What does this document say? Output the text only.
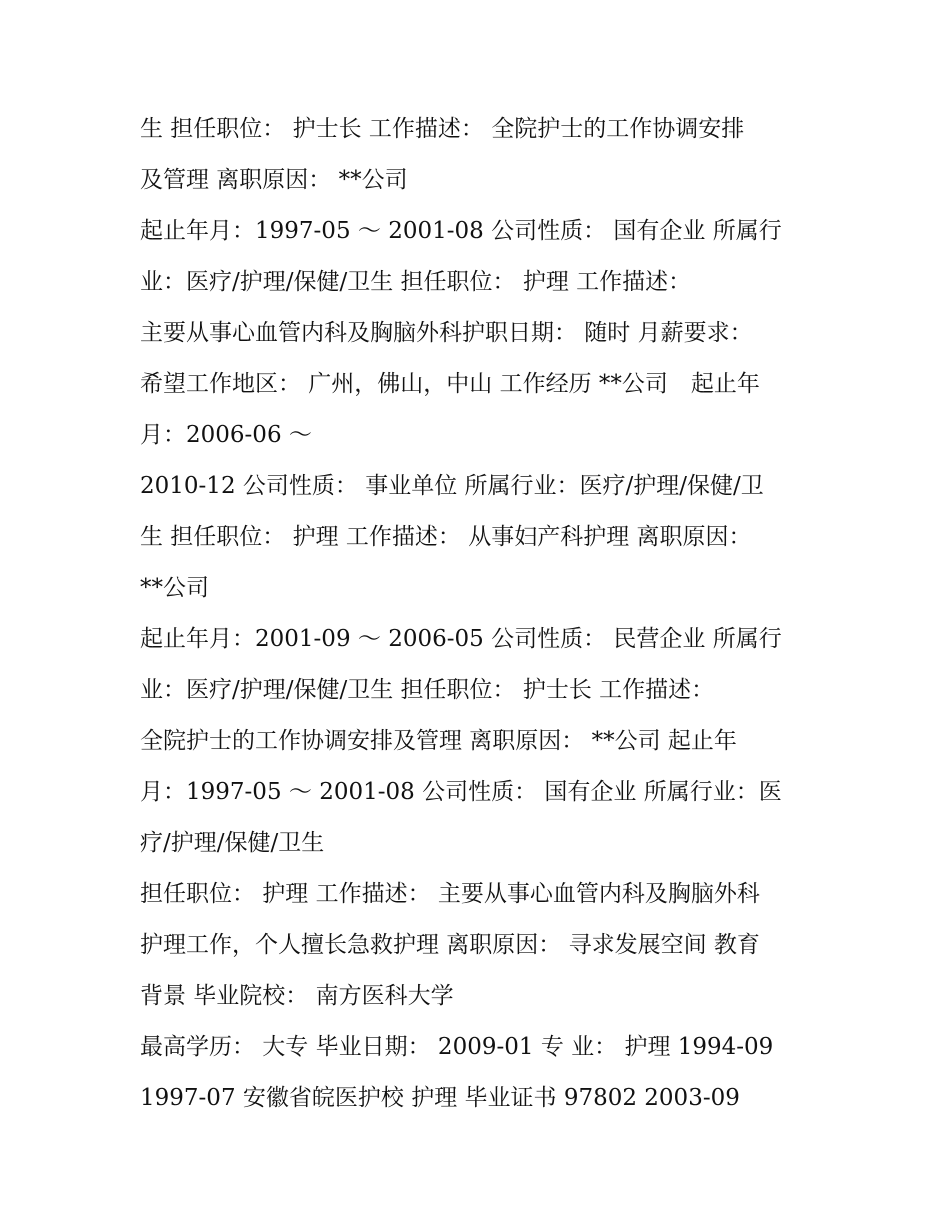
生 担任职位： 护士长 工作描述： 全院护士的工作协调安排
及管理 离职原因： **公司
起止年月：1997-05 ～ 2001-08 公司性质： 国有企业 所属行
业：医疗/护理/保健/卫生 担任职位： 护理 工作描述：
主要从事心血管内科及胸脑外科护职日期： 随时 月薪要求：
希望工作地区： 广州，佛山，中山 工作经历 **公司　起止年
月：2006-06 ～
2010-12 公司性质： 事业单位 所属行业：医疗/护理/保健/卫
生 担任职位： 护理 工作描述： 从事妇产科护理 离职原因：
**公司
起止年月：2001-09 ～ 2006-05 公司性质： 民营企业 所属行
业：医疗/护理/保健/卫生 担任职位： 护士长 工作描述：
全院护士的工作协调安排及管理 离职原因： **公司 起止年
月：1997-05 ～ 2001-08 公司性质： 国有企业 所属行业：医
疗/护理/保健/卫生
担任职位： 护理 工作描述： 主要从事心血管内科及胸脑外科
护理工作，个人擅长急救护理 离职原因： 寻求发展空间 教育
背景 毕业院校： 南方医科大学
最高学历： 大专 毕业日期： 2009-01 专 业： 护理 1994-09
1997-07 安徽省皖医护校 护理 毕业证书 97802 2003-09
